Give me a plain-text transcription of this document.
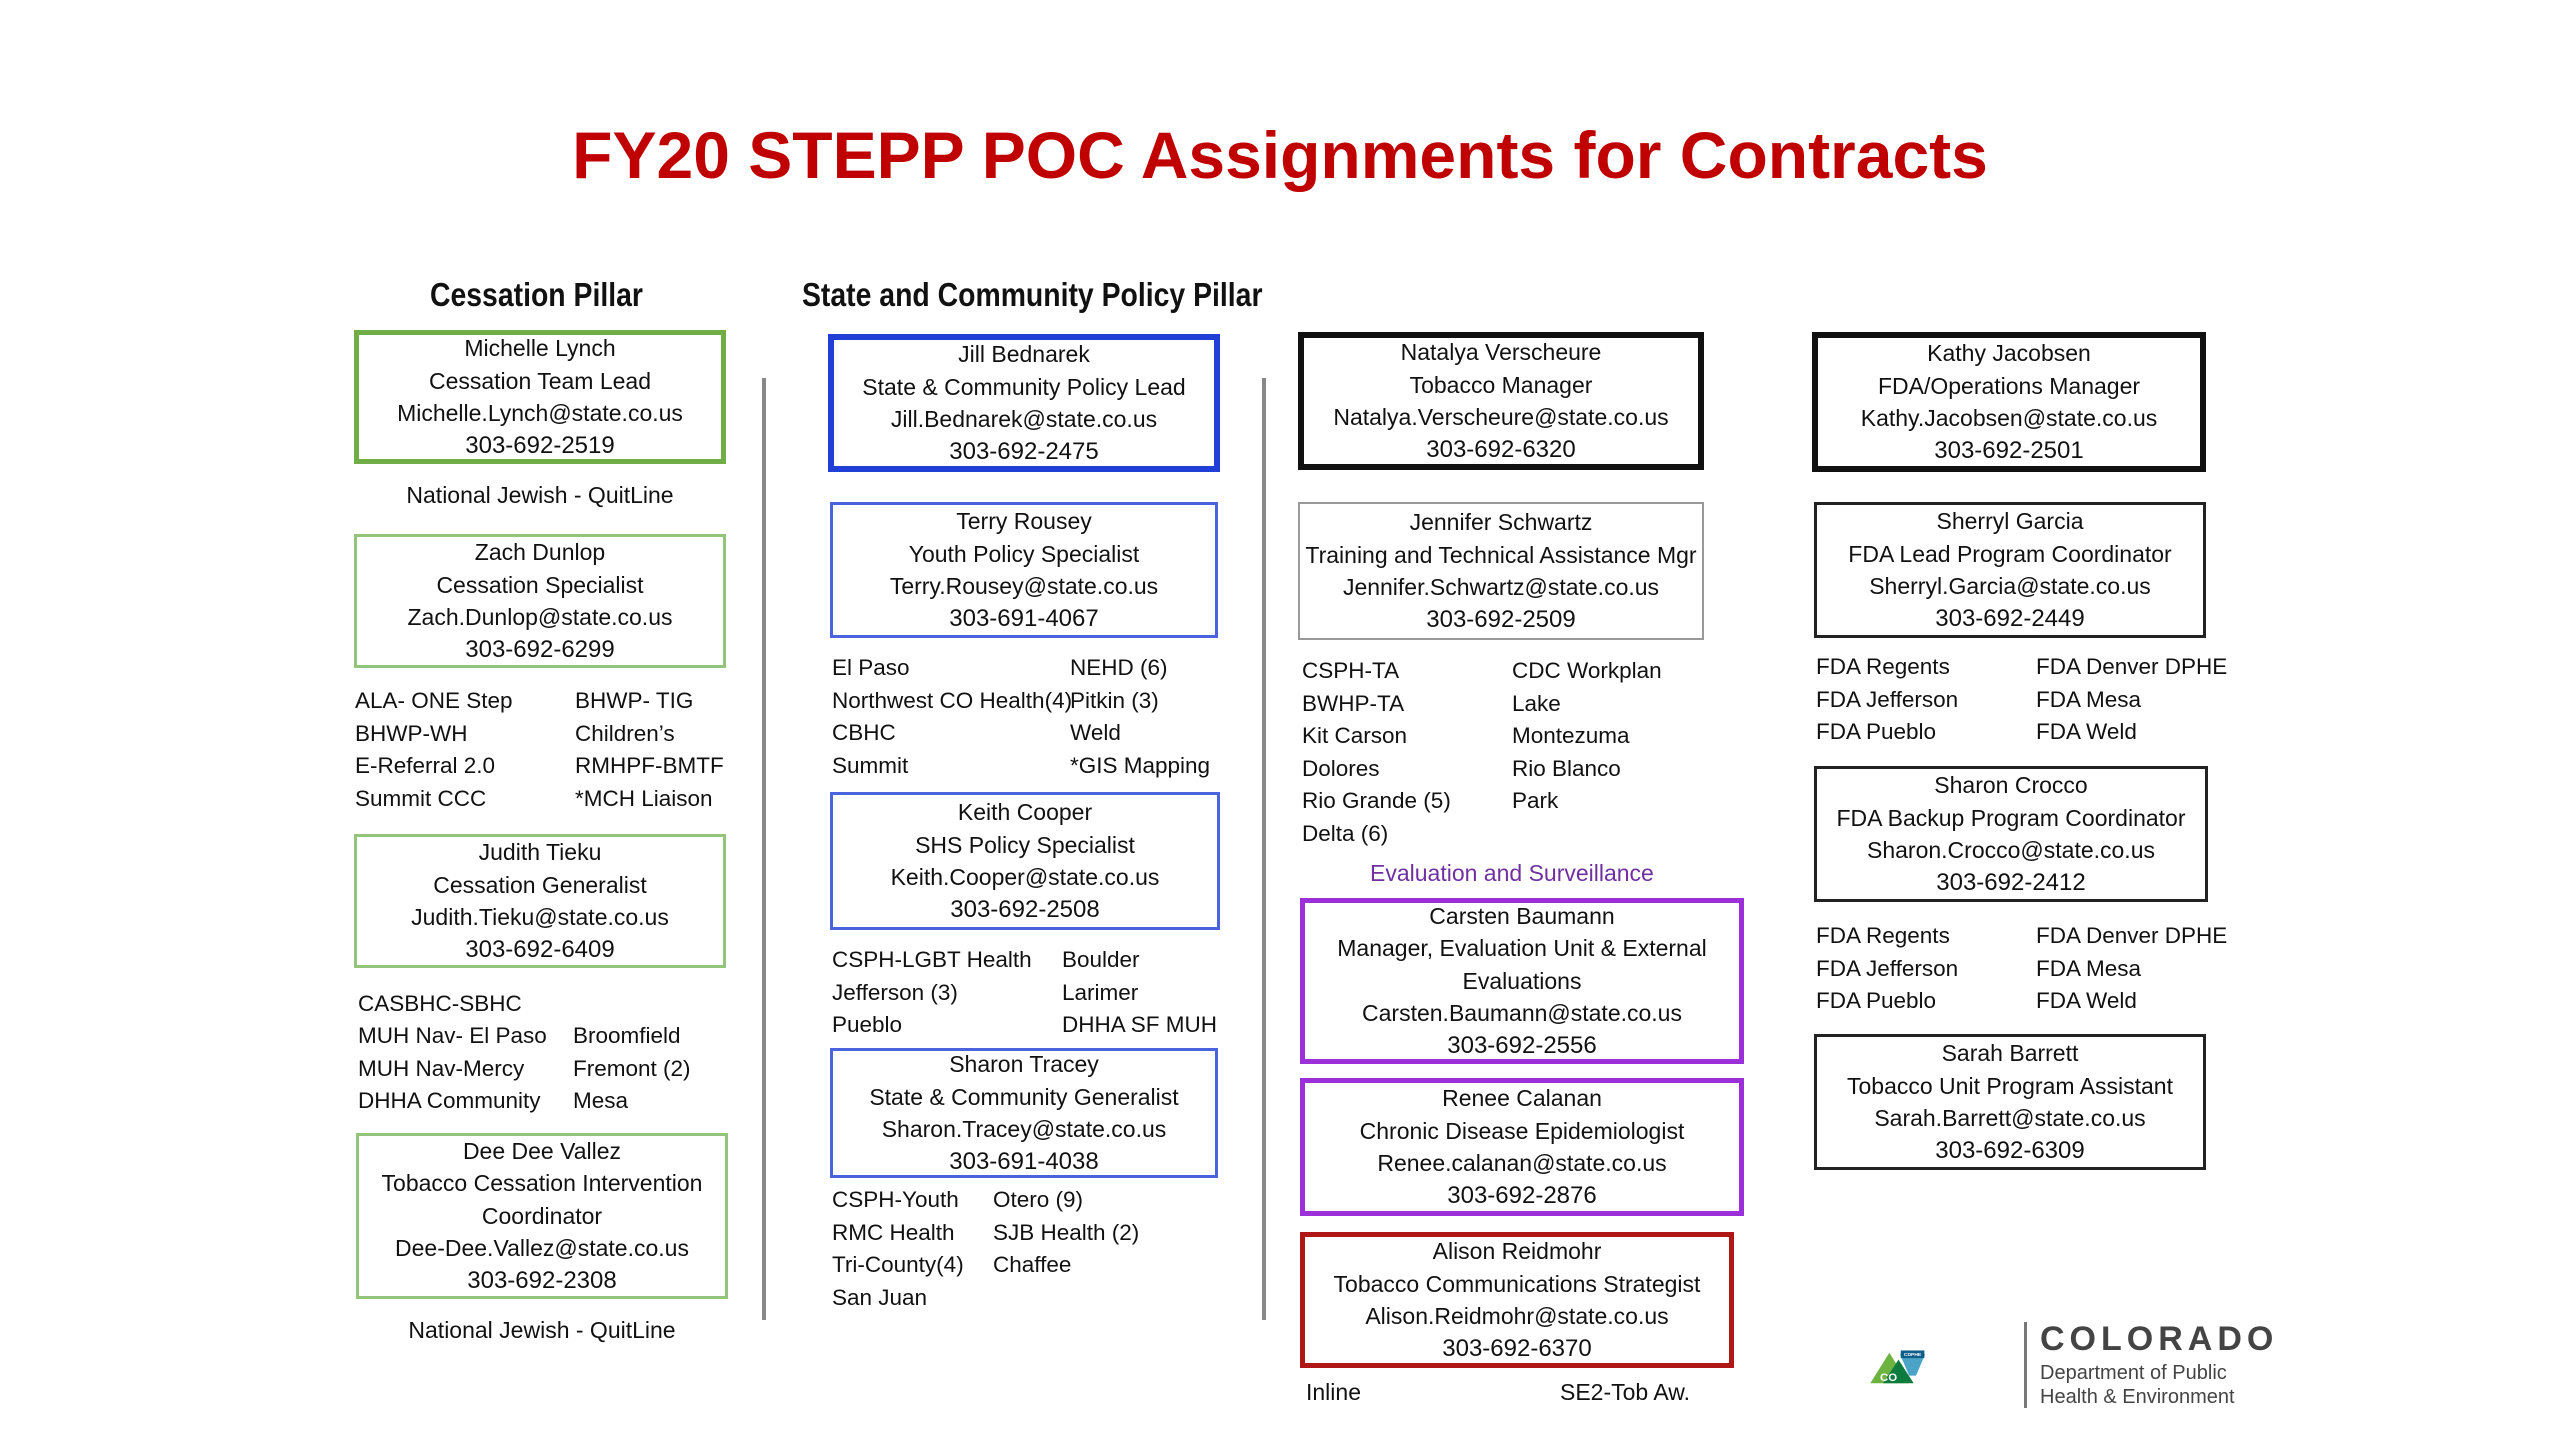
FY20 STEPP POC Assignments for Contracts
Cessation Pillar	State and Community Policy Pillar
Michelle Lynch
Cessation Team Lead
Michelle.Lynch@state.co.us
303-692-2519
National Jewish - QuitLine
Zach Dunlop
Cessation Specialist
Zach.Dunlop@state.co.us
303-692-6299
ALA- ONE Step
BHWP-WH
E-Referral 2.0
Summit CCC
BHWP- TIG
Children’s
RMHPF-BMTF
*MCH Liaison
Judith Tieku
Cessation Generalist
Judith.Tieku@state.co.us
303-692-6409
CASBHC-SBHC
MUH Nav- El Paso
MUH Nav-Mercy
DHHA Community
Broomfield
Fremont (2)
Mesa
Dee Dee Vallez
Tobacco Cessation Intervention
Coordinator
Dee-Dee.Vallez@state.co.us
303-692-2308
National Jewish - QuitLine
Jill Bednarek
State & Community Policy Lead
Jill.Bednarek@state.co.us
303-692-2475
Terry Rousey
Youth Policy Specialist
Terry.Rousey@state.co.us
303-691-4067
El Paso
Northwest CO Health(4)
CBHC
Summit
NEHD (6)
Pitkin (3)
Weld
*GIS Mapping
Keith Cooper
SHS Policy Specialist
Keith.Cooper@state.co.us
303-692-2508
CSPH-LGBT Health
Jefferson (3)
Pueblo
Boulder
Larimer
DHHA SF MUH
Sharon Tracey
State & Community Generalist
Sharon.Tracey@state.co.us
303-691-4038
CSPH-Youth
RMC Health
Tri-County(4)
San Juan
Otero (9)
SJB Health (2)
Chaffee
Natalya Verscheure
Tobacco Manager
Natalya.Verscheure@state.co.us
303-692-6320
Jennifer Schwartz
Training and Technical Assistance Mgr
Jennifer.Schwartz@state.co.us
303-692-2509
CSPH-TA
BWHP-TA
Kit Carson
Dolores
Rio Grande (5)
Delta (6)
CDC Workplan
Lake
Montezuma
Rio Blanco
Park
Evaluation and Surveillance
Carsten Baumann
Manager, Evaluation Unit & External
Evaluations
Carsten.Baumann@state.co.us
303-692-2556
Renee Calanan
Chronic Disease Epidemiologist
Renee.calanan@state.co.us
303-692-2876
Alison Reidmohr
Tobacco Communications Strategist
Alison.Reidmohr@state.co.us
303-692-6370
Inline	SE2-Tob Aw.
Kathy Jacobsen
FDA/Operations Manager
Kathy.Jacobsen@state.co.us
303-692-2501
Sherryl Garcia
FDA Lead Program Coordinator
Sherryl.Garcia@state.co.us
303-692-2449
FDA Regents
FDA Jefferson
FDA Pueblo
FDA Denver DPHE
FDA Mesa
FDA Weld
Sharon Crocco
FDA Backup Program Coordinator
Sharon.Crocco@state.co.us
303-692-2412
FDA Regents
FDA Jefferson
FDA Pueblo
FDA Denver DPHE
FDA Mesa
FDA Weld
Sarah Barrett
Tobacco Unit Program Assistant
Sarah.Barrett@state.co.us
303-692-6309
CDPHE
CO
COLORADO
Department of Public
Health & Environment
